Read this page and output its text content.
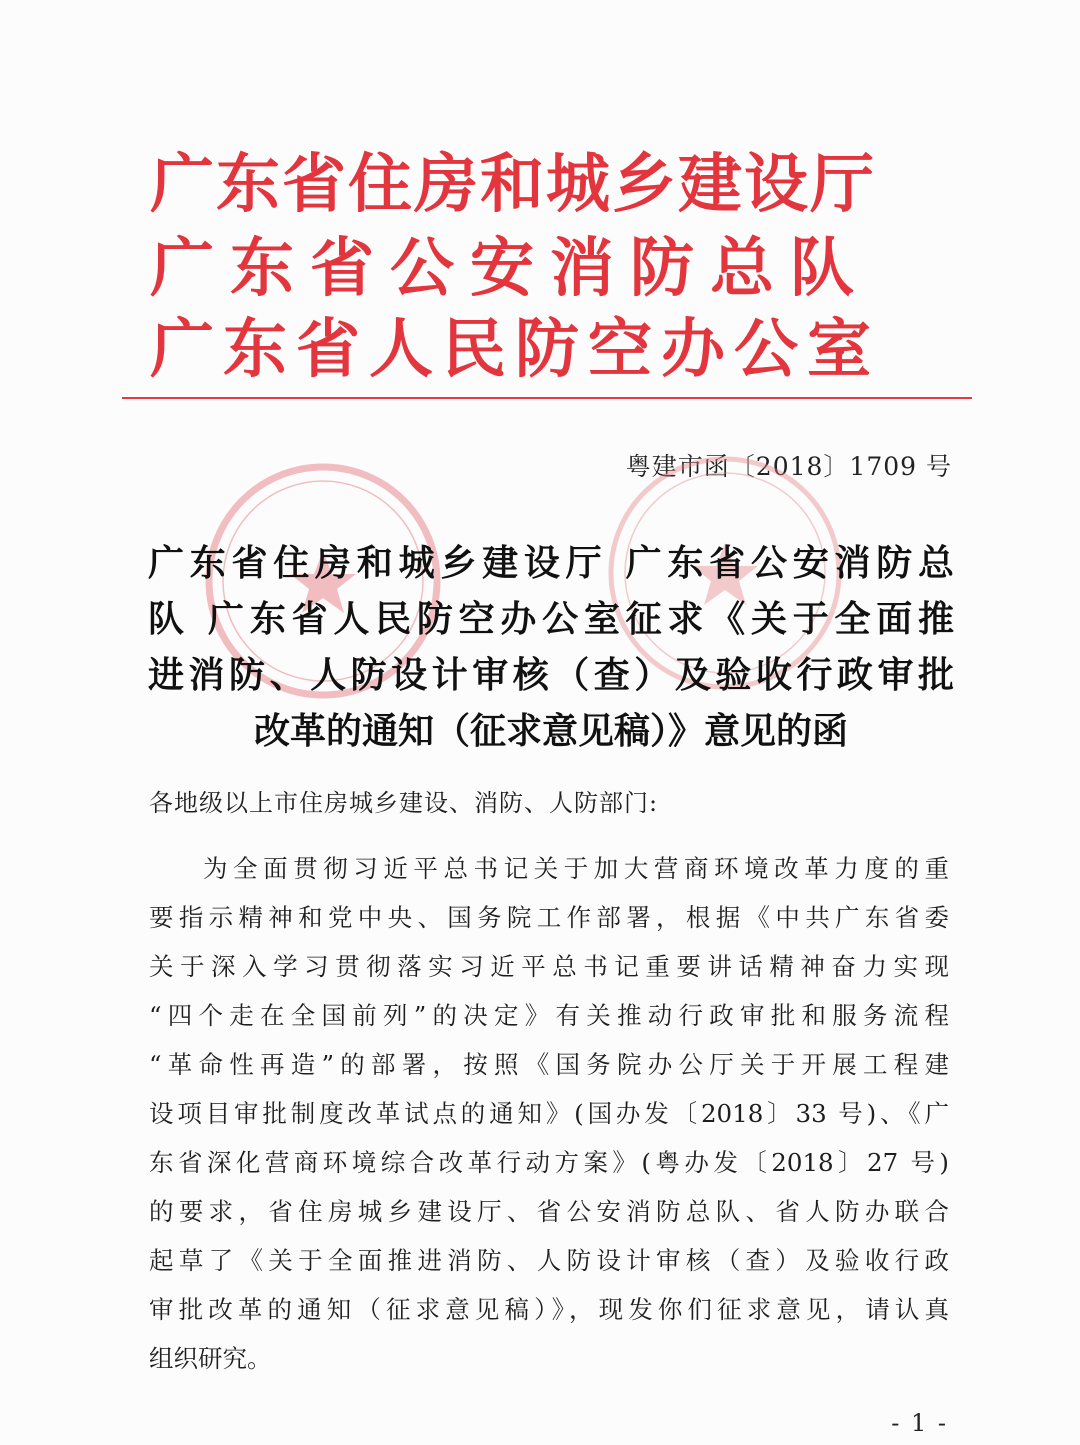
广东省住房和城乡建设厅
广东省公安消防总队
广东省人民防空办公室
粤建市函〔2018〕1709 号
广东省住房和城乡建设厅 广东省公安消防总
队 广东省人民防空办公室征求《关于全面推
进消防、人防设计审核（查）及验收行政审批
改革的通知（征求意见稿）》意见的函
各地级以上市住房城乡建设、消防、人防部门:
为全面贯彻习近平总书记关于加大营商环境改革力度的重
要指示精神和党中央、国务院工作部署，根据《中共广东省委
关于深入学习贯彻落实习近平总书记重要讲话精神奋力实现
“四个走在全国前列”的决定》有关推动行政审批和服务流程
“革命性再造”的部署，按照《国务院办公厅关于开展工程建
设项目审批制度改革试点的通知》(国办发〔2018〕33 号)、《广
东省深化营商环境综合改革行动方案》(粤办发〔2018〕27 号)
的要求，省住房城乡建设厅、省公安消防总队、省人防办联合
起草了《关于全面推进消防、人防设计审核（查）及验收行政
审批改革的通知（征求意见稿）》，现发你们征求意见，请认真
组织研究。
- 1 -
